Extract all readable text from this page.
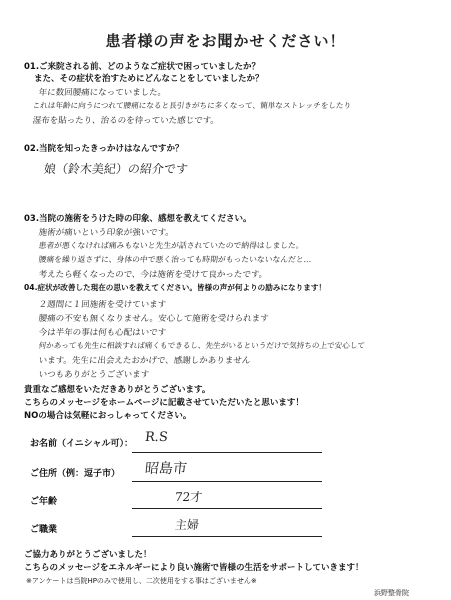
患者様の声をお聞かせください！
01.ご来院される前、どのようなご症状で困っていましたか？
また、その症状を治すためにどんなことをしていましたか？
年に数回腰痛になっていました。
これは年齢に向うにつれて腰痛になると長引きがちに多くなって、簡単なストレッチをしたり
湿布を貼ったり、治るのを待っていた感じです。
02.当院を知ったきっかけはなんですか？
娘（鈴木美紀）の紹介です
03.当院の施術をうけた時の印象、感想を教えてください。
施術が痛いという印象が強いです。
患者が悪くなければ痛みもないと先生が話されていたので納得はしました。
腰痛を繰り返さずに、身体の中で悪く治っても時期がもったいないなんだと…
考えたら軽くなったので、今は施術を受けて良かったです。
04.症状が改善した現在の思いを教えてください。皆様の声が何よりの励みになります！
２週間に１回施術を受けています
腰痛の不安も無くなりません。安心して施術を受けられます
今は半年の事は何も心配はいです
何かあっても先生に相談すれば痛くもできるし、先生がいるというだけで気持ちの上で安心して
います。先生に出会えたおかげで、感謝しかありません
いつもありがとうございます
貴重なご感想をいただきありがとうございます。
こちらのメッセージをホームページに記載させていただいたと思います！
NOの場合は気軽におっしゃってください。
お名前（イニシャル可）： R.S
ご住所（例：逗子市） 昭島市
ご年齢	72才
ご職業	主婦
ご協力ありがとうございました！
こちらのメッセージをエネルギーにより良い施術で皆様の生活をサポートしていきます！
※アンケートは当院HPのみで使用し、二次使用をする事はございません※
浜野整骨院
